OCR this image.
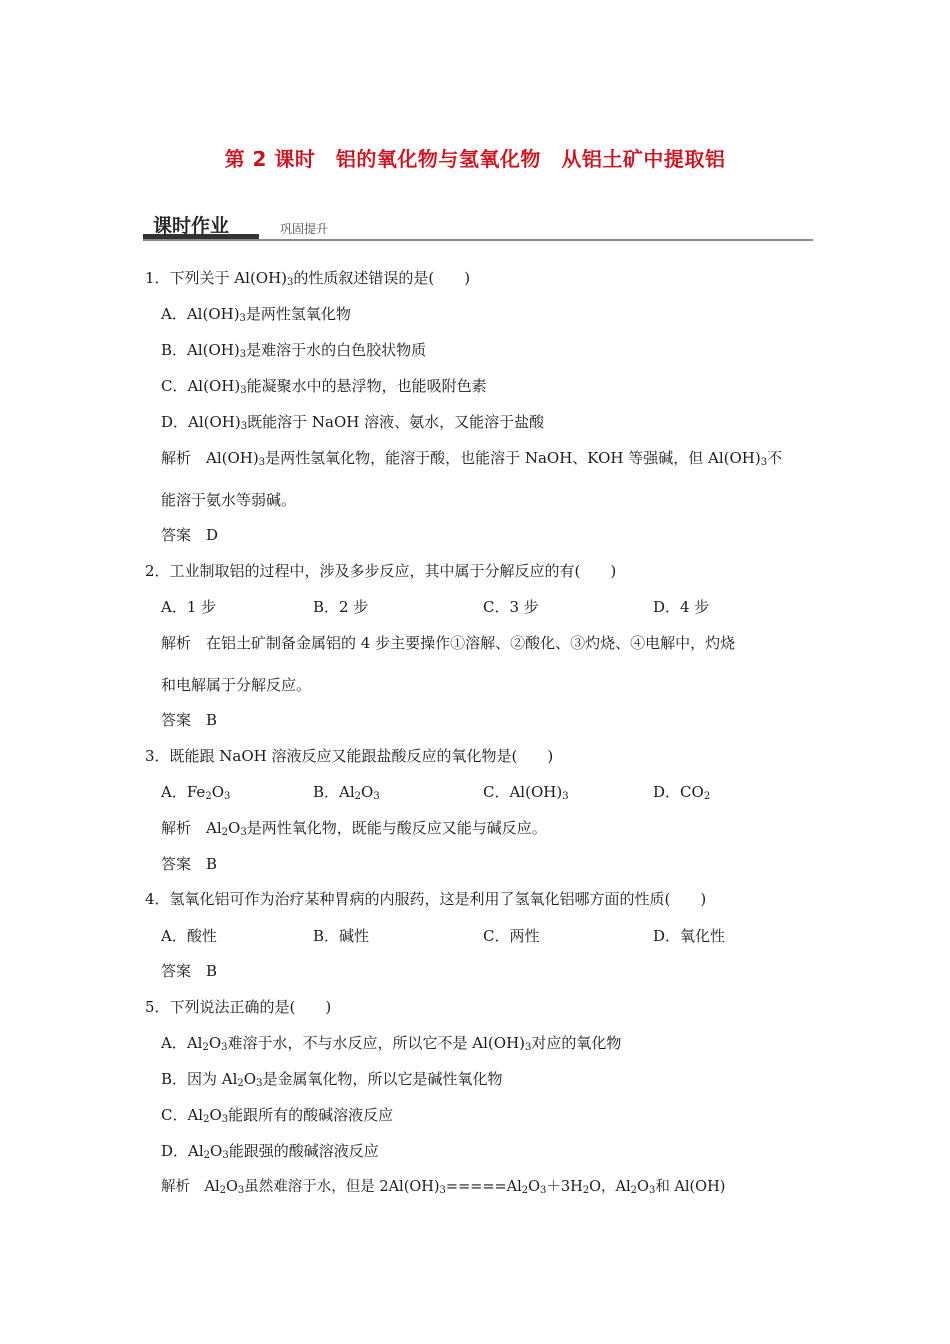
第 2 课时　铝的氧化物与氢氧化物　从铝土矿中提取铝
课时作业	巩固提升
1．下列关于 $Al(OH)_3$的性质叙述错误的是(　　)
A．$Al(OH)_3$是两性氢氧化物
B．$Al(OH)_3$是难溶于水的白色胶状物质
C．$Al(OH)_3$能凝聚水中的悬浮物，也能吸附色素
D．$Al(OH)_3$既能溶于 NaOH 溶液、氨水，又能溶于盐酸
解析　$Al(OH)_3$是两性氢氧化物，能溶于酸，也能溶于 NaOH、KOH 等强碱，但 $Al(OH)_3$不
能溶于氨水等弱碱。
答案　D
2．工业制取铝的过程中，涉及多步反应，其中属于分解反应的有(　　)
A．1 步	B．2 步	C．3 步	D．4 步
解析　在铝土矿制备金属铝的 4 步主要操作①溶解、②酸化、③灼烧、④电解中，灼烧
和电解属于分解反应。
答案　B
3．既能跟 NaOH 溶液反应又能跟盐酸反应的氧化物是(　　)
A．$Fe_2O_3$	B．$Al_2O_3$	C．$Al(OH)_3$	D．$CO_2$
解析　$Al_2O_3$是两性氧化物，既能与酸反应又能与碱反应。
答案　B
4．氢氧化铝可作为治疗某种胃病的内服药，这是利用了氢氧化铝哪方面的性质(　　)
A．酸性	B．碱性	C．两性	D．氧化性
答案　B
5．下列说法正确的是(　　)
A．$Al_2O_3$难溶于水，不与水反应，所以它不是 $Al(OH)_3$对应的氧化物
B．因为 $Al_2O_3$是金属氧化物，所以它是碱性氧化物
C．$Al_2O_3$能跟所有的酸碱溶液反应
D．$Al_2O_3$能跟强的酸碱溶液反应
解析　$Al_2O_3$虽然难溶于水，但是 $2Al(OH)_3=====Al_2O_3+3H_2O$，$Al_2O_3$和 Al(OH)
